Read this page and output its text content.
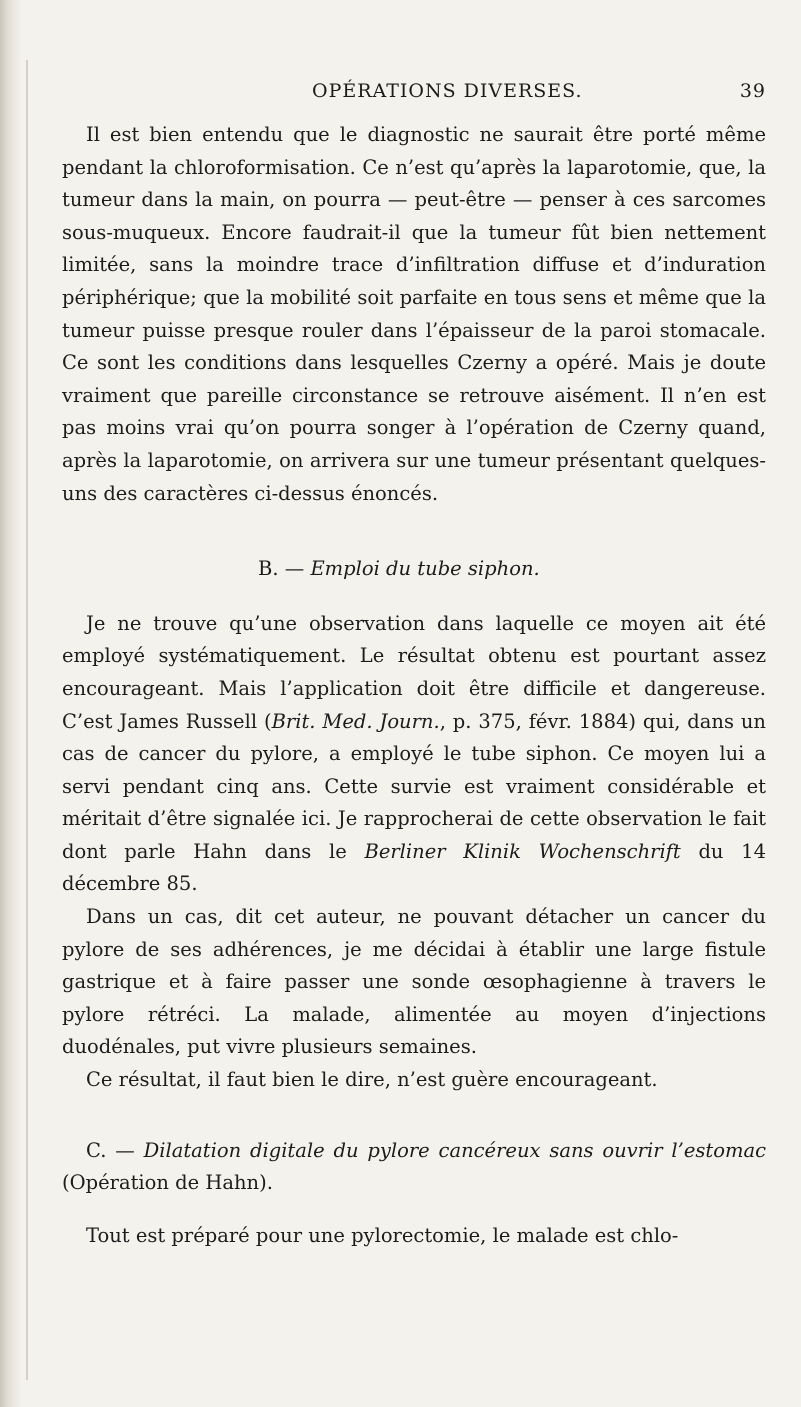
OPÉRATIONS DIVERSES.	39

Il est bien entendu que le diagnostic ne saurait être porté même pendant la chloroformisation. Ce n’est qu’après la laparotomie, que, la tumeur dans la main, on pourra — peut-être — penser à ces sarcomes sous-muqueux. Encore faudrait-il que la tumeur fût bien nettement limitée, sans la moindre trace d’infiltration diffuse et d’induration périphérique; que la mobilité soit parfaite en tous sens et même que la tumeur puisse presque rouler dans l’épaisseur de la paroi stomacale. Ce sont les conditions dans lesquelles Czerny a opéré. Mais je doute vraiment que pareille circonstance se retrouve aisément. Il n’en est pas moins vrai qu’on pourra songer à l’opération de Czerny quand, après la laparotomie, on arrivera sur une tumeur présentant quelques-uns des caractères ci-dessus énoncés.

B. — Emploi du tube siphon.

Je ne trouve qu’une observation dans laquelle ce moyen ait été employé systématiquement. Le résultat obtenu est pourtant assez encourageant. Mais l’application doit être difficile et dangereuse. C’est James Russell (Brit. Med. Journ., p. 375, févr. 1884) qui, dans un cas de cancer du pylore, a employé le tube siphon. Ce moyen lui a servi pendant cinq ans. Cette survie est vraiment considérable et méritait d’être signalée ici. Je rapprocherai de cette observation le fait dont parle Hahn dans le Berliner Klinik Wochenschrift du 14 décembre 85.

Dans un cas, dit cet auteur, ne pouvant détacher un cancer du pylore de ses adhérences, je me décidai à établir une large fistule gastrique et à faire passer une sonde œsophagienne à travers le pylore rétréci. La malade, alimentée au moyen d’injections duodénales, put vivre plusieurs semaines.

Ce résultat, il faut bien le dire, n’est guère encourageant.

C. — Dilatation digitale du pylore cancéreux sans ouvrir l’estomac (Opération de Hahn).

Tout est préparé pour une pylorectomie, le malade est chlo-
